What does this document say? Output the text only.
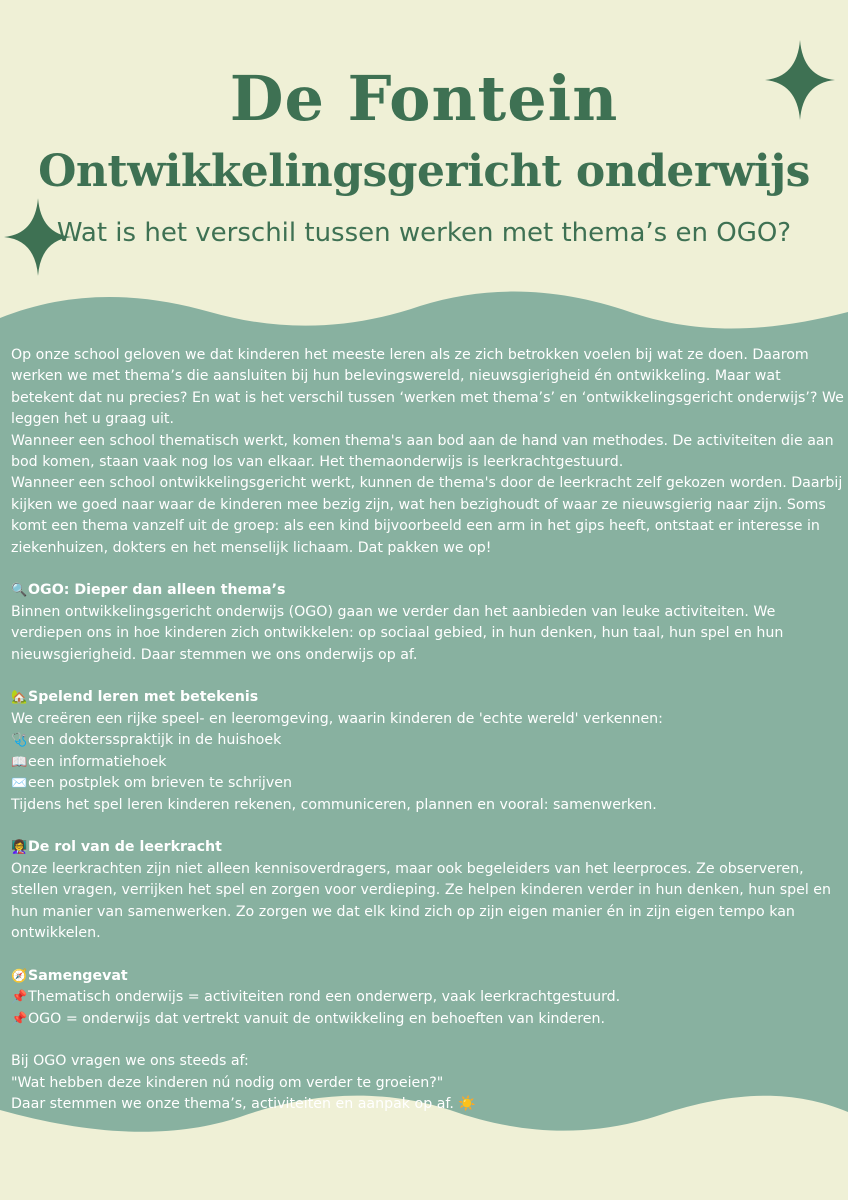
De Fontein
Ontwikkelingsgericht onderwijs
Wat is het verschil tussen werken met thema’s en OGO?

Op onze school geloven we dat kinderen het meeste leren als ze zich betrokken voelen bij wat ze doen. Daarom werken we met thema’s die aansluiten bij hun belevingswereld, nieuwsgierigheid én ontwikkeling. Maar wat betekent dat nu precies? En wat is het verschil tussen ‘werken met thema’s’ en ‘ontwikkelingsgericht onderwijs’? We leggen het u graag uit.

Wanneer een school thematisch werkt, komen thema's aan bod aan de hand van methodes. De activiteiten die aan bod komen, staan vaak nog los van elkaar. Het themaonderwijs is leerkrachtgestuurd.

Wanneer een school ontwikkelingsgericht werkt, kunnen de thema's door de leerkracht zelf gekozen worden. Daarbij kijken we goed naar waar de kinderen mee bezig zijn, wat hen bezighoudt of waar ze nieuwsgierig naar zijn. Soms komt een thema vanzelf uit de groep: als een kind bijvoorbeeld een arm in het gips heeft, ontstaat er interesse in ziekenhuizen, dokters en het menselijk lichaam. Dat pakken we op!

🔍OGO: Dieper dan alleen thema’s

Binnen ontwikkelingsgericht onderwijs (OGO) gaan we verder dan het aanbieden van leuke activiteiten. We verdiepen ons in hoe kinderen zich ontwikkelen: op sociaal gebied, in hun denken, hun taal, hun spel en hun nieuwsgierigheid. Daar stemmen we ons onderwijs op af.

🏡Spelend leren met betekenis

We creëren een rijke speel- en leeromgeving, waarin kinderen de 'echte wereld' verkennen:

🩺een doktersspraktijk in de huishoek
📖een informatiehoek
✉️een postplek om brieven te schrijven

Tijdens het spel leren kinderen rekenen, communiceren, plannen en vooral: samenwerken.

👩‍🏫De rol van de leerkracht

Onze leerkrachten zijn niet alleen kennisoverdragers, maar ook begeleiders van het leerproces. Ze observeren, stellen vragen, verrijken het spel en zorgen voor verdieping. Ze helpen kinderen verder in hun denken, hun spel en hun manier van samenwerken. Zo zorgen we dat elk kind zich op zijn eigen manier én in zijn eigen tempo kan ontwikkelen.

🧭Samengevat
📌Thematisch onderwijs = activiteiten rond een onderwerp, vaak leerkrachtgestuurd.
📌OGO = onderwijs dat vertrekt vanuit de ontwikkeling en behoeften van kinderen.
Bij OGO vragen we ons steeds af:
"Wat hebben deze kinderen nú nodig om verder te groeien?"
Daar stemmen we onze thema’s, activiteiten en aanpak op af. ☀️
